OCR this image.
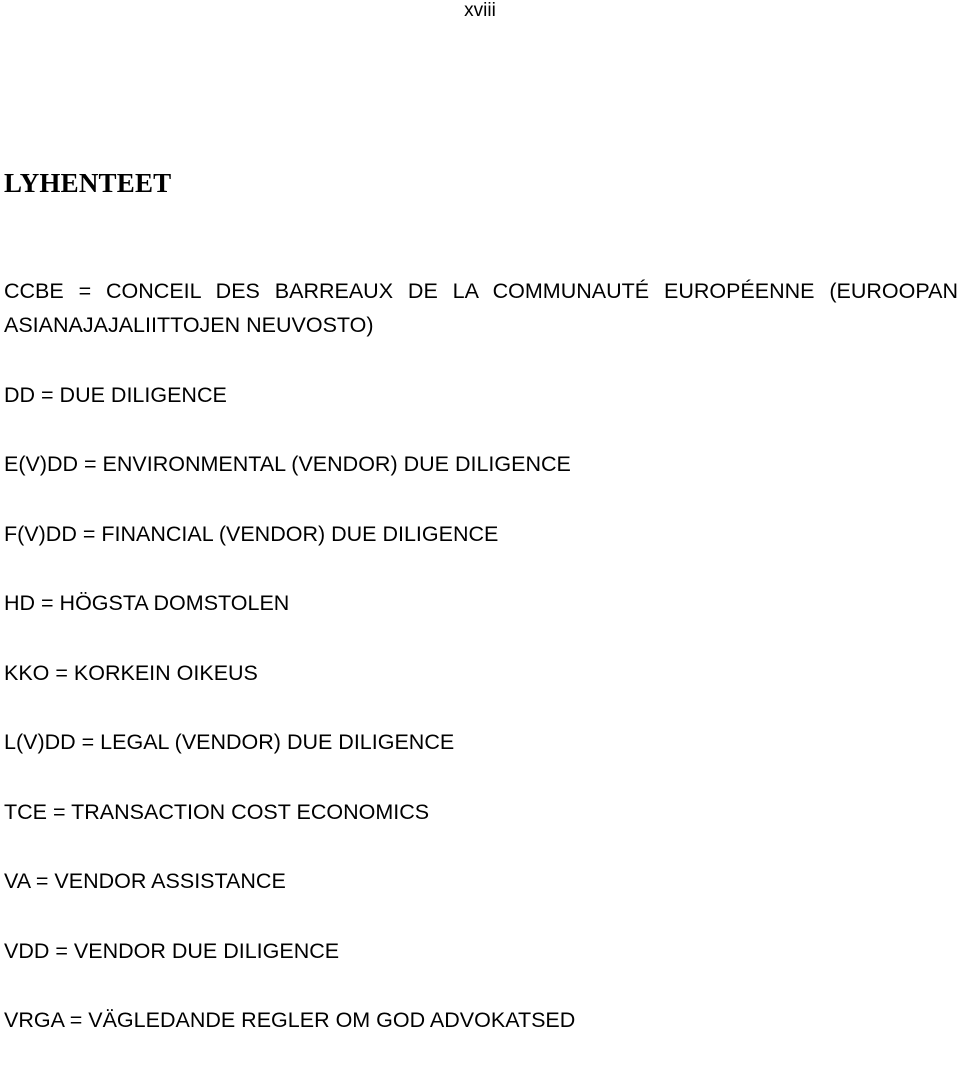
xviii
LYHENTEET
CCBE = CONCEIL DES BARREAUX DE LA COMMUNAUTÉ EUROPÉENNE (EUROOPAN
ASIANAJAJALIITTOJEN NEUVOSTO)
DD = DUE DILIGENCE
E(V)DD = ENVIRONMENTAL (VENDOR) DUE DILIGENCE
F(V)DD = FINANCIAL (VENDOR) DUE DILIGENCE
HD = HÖGSTA DOMSTOLEN
KKO = KORKEIN OIKEUS
L(V)DD = LEGAL (VENDOR) DUE DILIGENCE
TCE = TRANSACTION COST ECONOMICS
VA = VENDOR ASSISTANCE
VDD = VENDOR DUE DILIGENCE
VRGA = VÄGLEDANDE REGLER OM GOD ADVOKATSED
